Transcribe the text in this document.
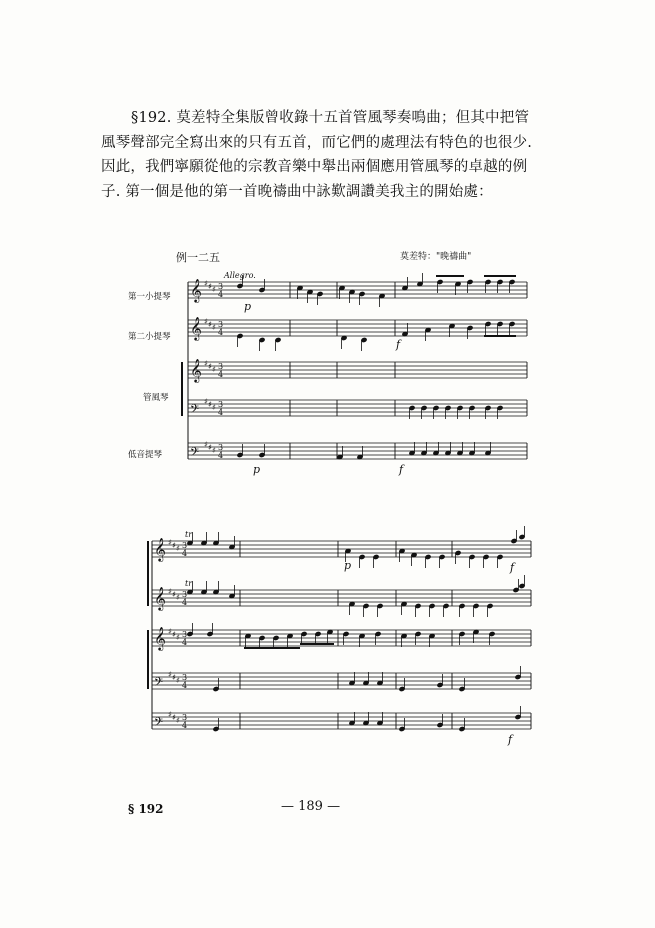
§192. 莫差特全集版曾收錄十五首管風琴奏鳴曲；但其中把管
風琴聲部完全寫出來的只有五首，而它們的處理法有特色的也很少.
因此，我們寧願從他的宗教音樂中舉出兩個應用管風琴的卓越的例
子. 第一個是他的第一首晚禱曲中詠歎調讚美我主的開始處：
例一二五	莫差特："晚禱曲"
Allegro.
第一小提琴
第二小提琴
管風琴
低音提琴
𝄞 ♯ ♯ ♯ 3
4
𝄞 ♯ ♯ ♯ 3
4
𝄞 ♯ ♯ ♯ 3
4
𝄢
♯ ♯ ♯ 3
4
𝄢
♯ ♯ ♯ 3
4
p
f
p	f
𝄞 ♯ ♯ ♯ 3
4
𝄞 ♯ ♯ ♯ 3
4
𝄞 ♯ ♯ ♯ 3
4
𝄢
♯ ♯ ♯ 3
4
𝄢
♯ ♯ ♯ 3
4
tr
tr
p	f
f
§ 192	— 189 —
